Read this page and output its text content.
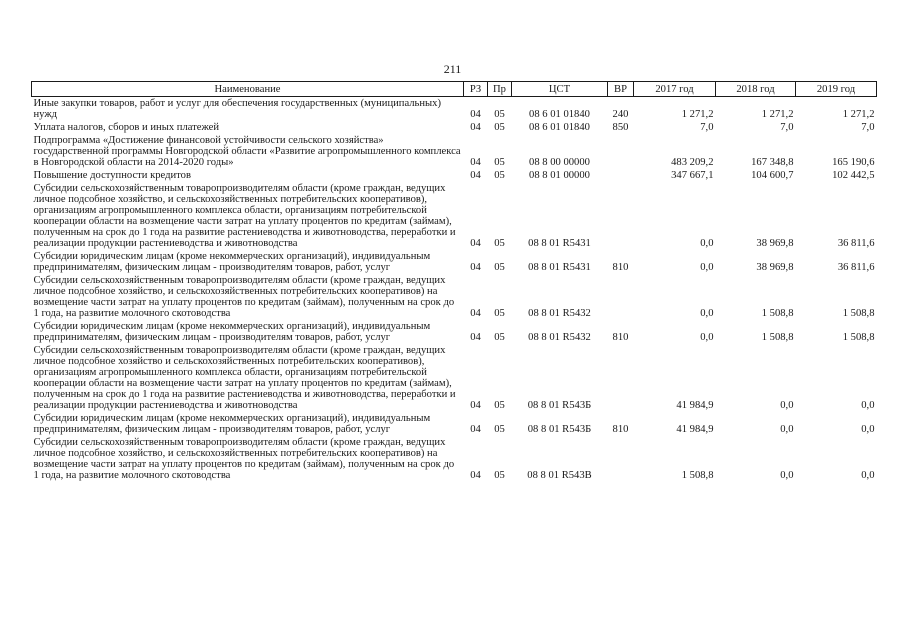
211
Наименование	РЗ	Пр	ЦСТ	ВР	2017 год	2018 год	2019 год
Иные закупки товаров, работ и услуг для обеспечения государственных (муниципальных) нужд	04	05	08 6 01 01840	240	1 271,2	1 271,2	1 271,2
Уплата налогов, сборов и иных платежей	04	05	08 6 01 01840	850	7,0	7,0	7,0
Подпрограмма «Достижение финансовой устойчивости сельского хозяйства» государственной программы Новгородской области «Развитие агропромышленного комплекса в Новгородской области на 2014-2020 годы»	04	05	08 8 00 00000		483 209,2	167 348,8	165 190,6
Повышение доступности кредитов	04	05	08 8 01 00000		347 667,1	104 600,7	102 442,5
Субсидии сельскохозяйственным товаропроизводителям области (кроме граждан, ведущих личное подсобное хозяйство, и сельскохозяйственных потребительских кооперативов), организациям агропромышленного комплекса области, организациям потребительской кооперации области на возмещение части затрат на уплату процентов по кредитам (займам), полученным на срок до 1 года на развитие растениеводства и животноводства, переработки и реализации продукции растениеводства и животноводства	04	05	08 8 01 R5431		0,0	38 969,8	36 811,6
Субсидии юридическим лицам (кроме некоммерческих организаций), индивидуальным предпринимателям, физическим лицам - производителям товаров, работ, услуг	04	05	08 8 01 R5431	810	0,0	38 969,8	36 811,6
Субсидии сельскохозяйственным товаропроизводителям области (кроме граждан, ведущих личное подсобное хозяйство, и сельскохозяйственных потребительских кооперативов) на возмещение части затрат на уплату процентов по кредитам (займам), полученным на срок до 1 года, на развитие молочного скотоводства	04	05	08 8 01 R5432		0,0	1 508,8	1 508,8
Субсидии юридическим лицам (кроме некоммерческих организаций), индивидуальным предпринимателям, физическим лицам - производителям товаров, работ, услуг	04	05	08 8 01 R5432	810	0,0	1 508,8	1 508,8
Субсидии сельскохозяйственным товаропроизводителям области (кроме граждан, ведущих личное подсобное хозяйство и сельскохозяйственных потребительских кооперативов), организациям агропромышленного комплекса области, организациям потребительской кооперации области на возмещение части затрат на уплату процентов по кредитам (займам), полученным на срок до 1 года на развитие растениеводства и животноводства, переработки и реализации продукции растениеводства и животноводства	04	05	08 8 01 R543Б		41 984,9	0,0	0,0
Субсидии юридическим лицам (кроме некоммерческих организаций), индивидуальным предпринимателям, физическим лицам - производителям товаров, работ, услуг	04	05	08 8 01 R543Б	810	41 984,9	0,0	0,0
Субсидии сельскохозяйственным товаропроизводителям области (кроме граждан, ведущих личное подсобное хозяйство, и сельскохозяйственных потребительских кооперативов) на возмещение части затрат на уплату процентов по кредитам (займам), полученным на срок до 1 года, на развитие молочного скотоводства	04	05	08 8 01 R543В		1 508,8	0,0	0,0
